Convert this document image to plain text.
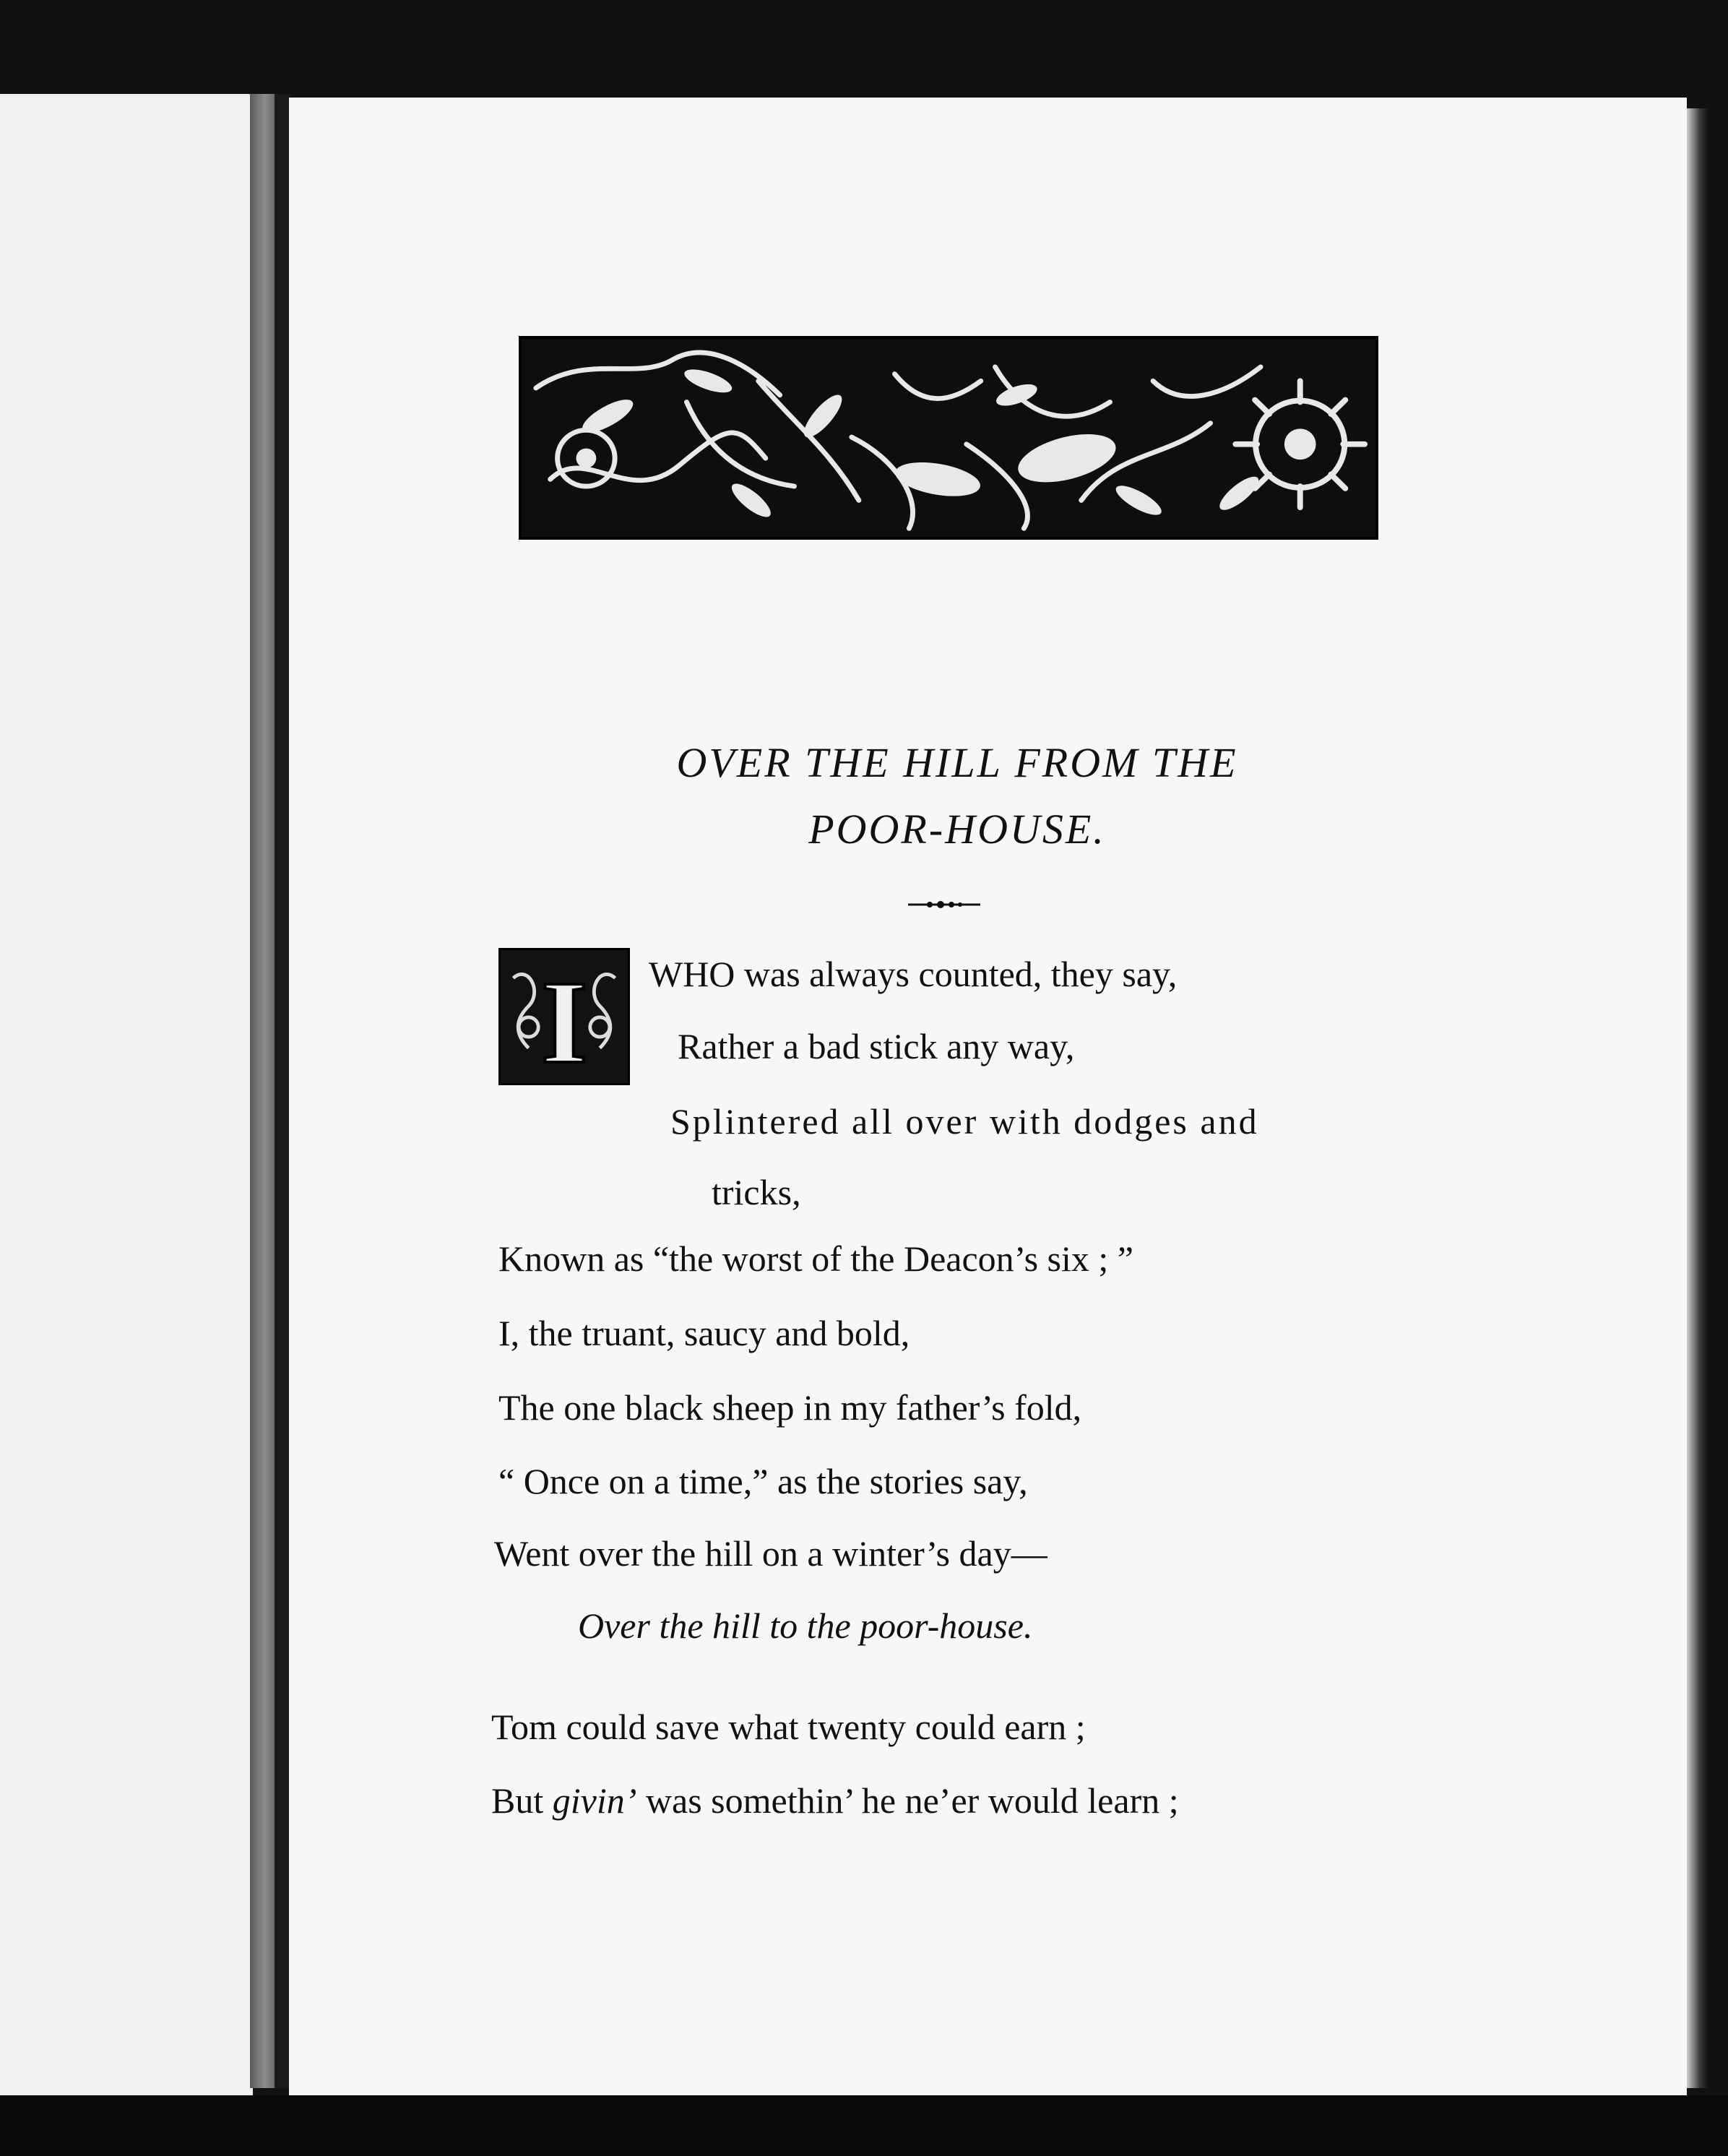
OVER THE HILL FROM THE
POOR-HOUSE.
I WHO was always counted, they say,
Rather a bad stick any way,
Splintered all over with dodges and
tricks,
Known as “the worst of the Deacon’s six ; ”
I, the truant, saucy and bold,
The one black sheep in my father’s fold,
“ Once on a time,” as the stories say,
Went over the hill on a winter’s day—
Over the hill to the poor-house.
Tom could save what twenty could earn ;
But givin’ was somethin’ he ne’er would learn ;
